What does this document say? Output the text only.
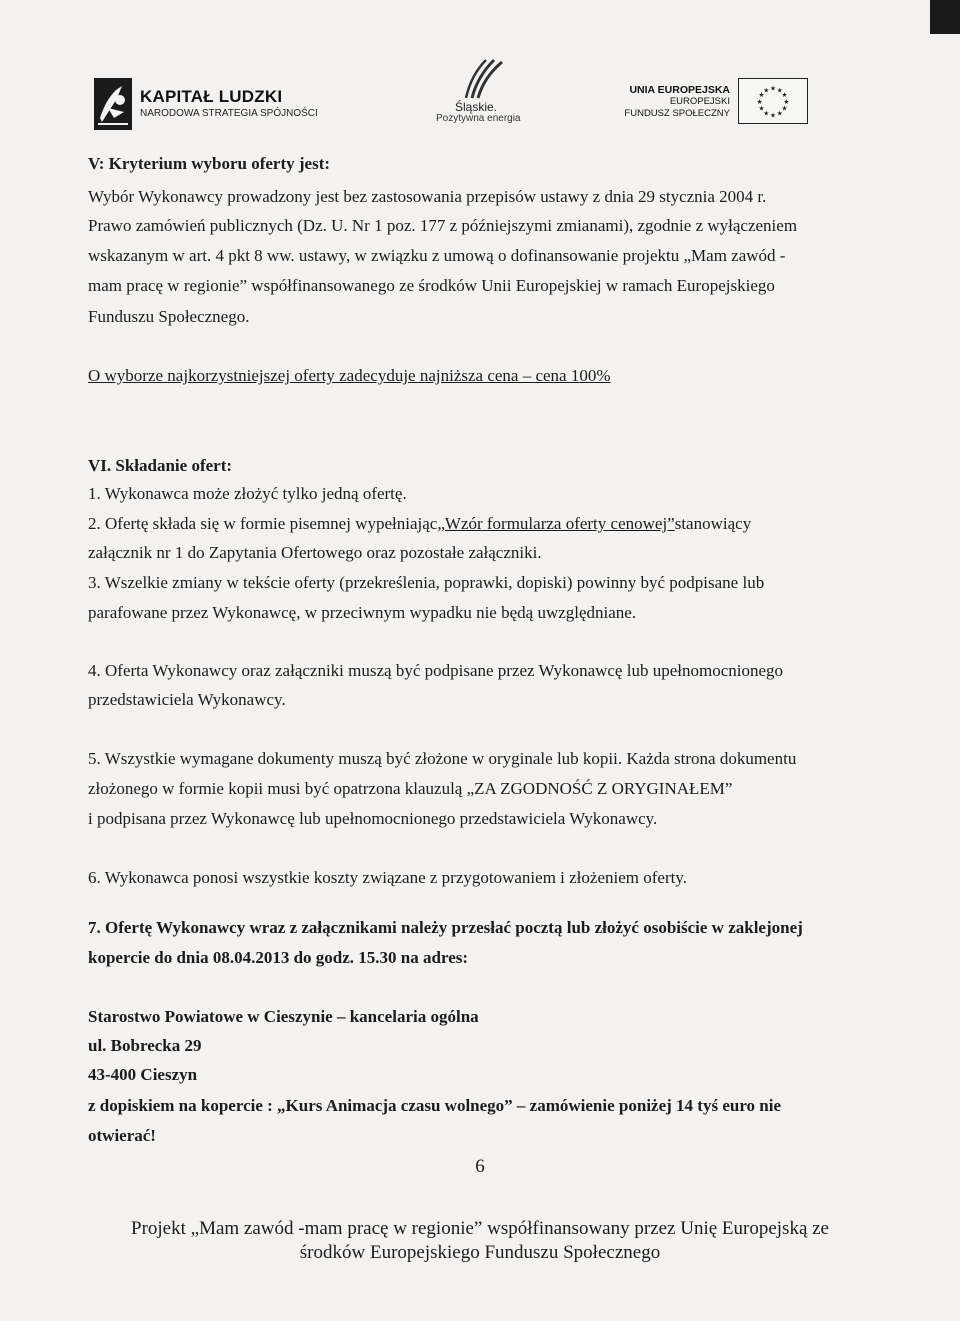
KAPITAŁ LUDZKI
NARODOWA STRATEGIA SPÓJNOŚCI	Śląskie.
Pozytywna energia
UNIA EUROPEJSKA
EUROPEJSKI
FUNDUSZ SPOŁECZNY
★ ★
★
★
★
★
★
★
★
★
★
★
V: Kryterium wyboru oferty jest:
Wybór Wykonawcy prowadzony jest bez zastosowania przepisów ustawy z dnia 29 stycznia 2004 r.
Prawo zamówień publicznych (Dz. U. Nr 1 poz. 177 z późniejszymi zmianami), zgodnie z wyłączeniem
wskazanym w art. 4 pkt 8 ww. ustawy, w związku z umową o dofinansowanie projektu „Mam zawód -
mam pracę w regionie” współfinansowanego ze środków Unii Europejskiej w ramach Europejskiego
Funduszu Społecznego.
O wyborze najkorzystniejszej oferty zadecyduje najniższa cena – cena 100%
VI. Składanie ofert:
1. Wykonawca może złożyć tylko jedną ofertę.
2. Ofertę składa się w formie pisemnej wypełniając„Wzór formularza oferty cenowej”stanowiący
załącznik nr 1 do Zapytania Ofertowego oraz pozostałe załączniki.
3. Wszelkie zmiany w tekście oferty (przekreślenia, poprawki, dopiski) powinny być podpisane lub
parafowane przez Wykonawcę, w przeciwnym wypadku nie będą uwzględniane.
4. Oferta Wykonawcy oraz załączniki muszą być podpisane przez Wykonawcę lub upełnomocnionego
przedstawiciela Wykonawcy.
5. Wszystkie wymagane dokumenty muszą być złożone w oryginale lub kopii. Każda strona dokumentu
złożonego w formie kopii musi być opatrzona klauzulą „ZA ZGODNOŚĆ Z ORYGINAŁEM”
i podpisana przez Wykonawcę lub upełnomocnionego przedstawiciela Wykonawcy.
6. Wykonawca ponosi wszystkie koszty związane z przygotowaniem i złożeniem oferty.
7. Ofertę Wykonawcy wraz z załącznikami należy przesłać pocztą lub złożyć osobiście w zaklejonej
kopercie do dnia 08.04.2013 do godz. 15.30 na adres:
Starostwo Powiatowe w Cieszynie – kancelaria ogólna
ul. Bobrecka 29
43-400 Cieszyn
z dopiskiem na kopercie : „Kurs Animacja czasu wolnego” – zamówienie poniżej 14 tyś euro nie
otwierać!
6
Projekt „Mam zawód -mam pracę w regionie” współfinansowany przez Unię Europejską ze
środków Europejskiego Funduszu Społecznego
